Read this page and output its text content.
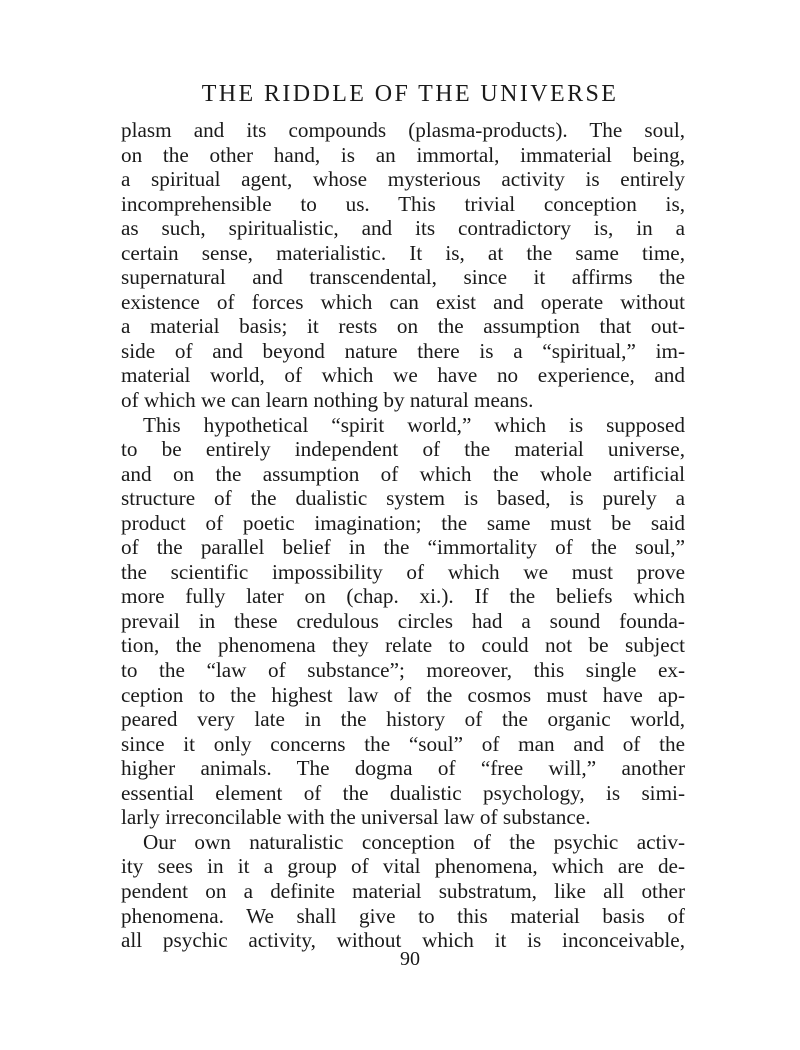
THE RIDDLE OF THE UNIVERSE
plasm and its compounds (plasma-products). The soul,
on the other hand, is an immortal, immaterial being,
a spiritual agent, whose mysterious activity is entirely
incomprehensible to us. This trivial conception is,
as such, spiritualistic, and its contradictory is, in a
certain sense, materialistic. It is, at the same time,
supernatural and transcendental, since it affirms the
existence of forces which can exist and operate without
a material basis; it rests on the assumption that out-
side of and beyond nature there is a “spiritual,” im-
material world, of which we have no experience, and
of which we can learn nothing by natural means.
This hypothetical “spirit world,” which is supposed
to be entirely independent of the material universe,
and on the assumption of which the whole artificial
structure of the dualistic system is based, is purely a
product of poetic imagination; the same must be said
of the parallel belief in the “immortality of the soul,”
the scientific impossibility of which we must prove
more fully later on (chap. xi.). If the beliefs which
prevail in these credulous circles had a sound founda-
tion, the phenomena they relate to could not be subject
to the “law of substance”; moreover, this single ex-
ception to the highest law of the cosmos must have ap-
peared very late in the history of the organic world,
since it only concerns the “soul” of man and of the
higher animals. The dogma of “free will,” another
essential element of the dualistic psychology, is simi-
larly irreconcilable with the universal law of substance.
Our own naturalistic conception of the psychic activ-
ity sees in it a group of vital phenomena, which are de-
pendent on a definite material substratum, like all other
phenomena. We shall give to this material basis of
all psychic activity, without which it is inconceivable,
90
